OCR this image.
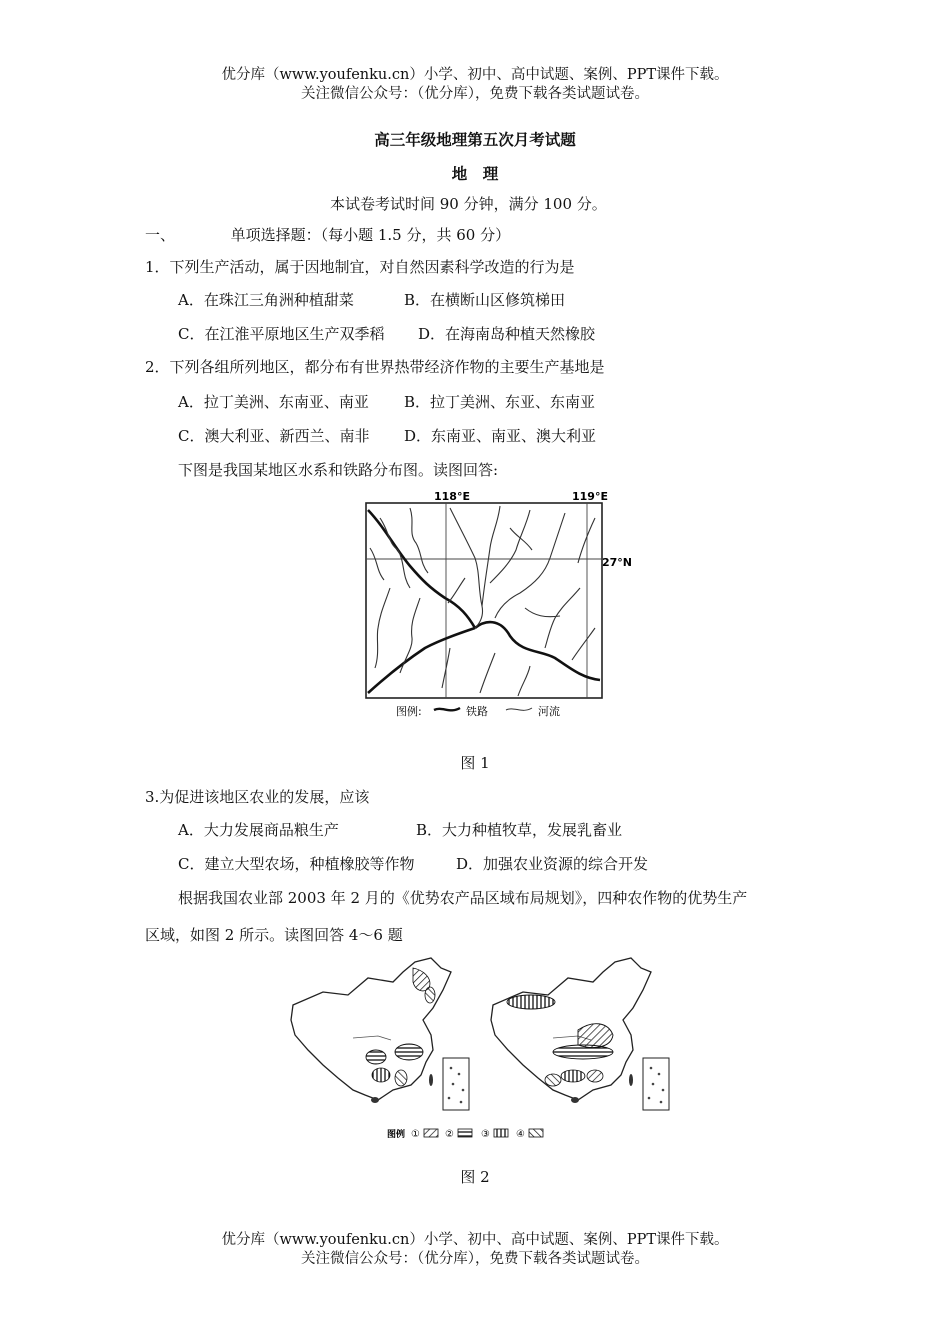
优分库（www.youfenku.cn）小学、初中、高中试题、案例、PPT课件下载。
关注微信公众号：（优分库），免费下载各类试题试卷。
高三年级地理第五次月考试题
地　理
本试卷考试时间 90 分钟，满分 100 分。
一、	单项选择题：（每小题 1.5 分，共 60 分）
1．下列生产活动，属于因地制宜，对自然因素科学改造的行为是
A．在珠江三角洲种植甜菜	B．在横断山区修筑梯田
C．在江淮平原地区生产双季稻 D．在海南岛种植天然橡胶
2．下列各组所列地区，都分布有世界热带经济作物的主要生产基地是
A．拉丁美洲、东南亚、南亚 B．拉丁美洲、东亚、东南亚
C．澳大利亚、新西兰、南非 D．东南亚、南亚、澳大利亚
下图是我国某地区水系和铁路分布图。读图回答:
118°E	119°E
27°N
图例:	铁路	河流
图 1
3.为促进该地区农业的发展，应该
A．大力发展商品粮生产	B．大力种植牧草，发展乳畜业
C．建立大型农场，种植橡胶等作物	D．加强农业资源的综合开发
根据我国农业部 2003 年 2 月的《优势农产品区域布局规划》，四种农作物的优势生产
区域，如图 2 所示。读图回答 4～6 题
图例 ①	②	③	④
图 2
优分库（www.youfenku.cn）小学、初中、高中试题、案例、PPT课件下载。
关注微信公众号：（优分库），免费下载各类试题试卷。
